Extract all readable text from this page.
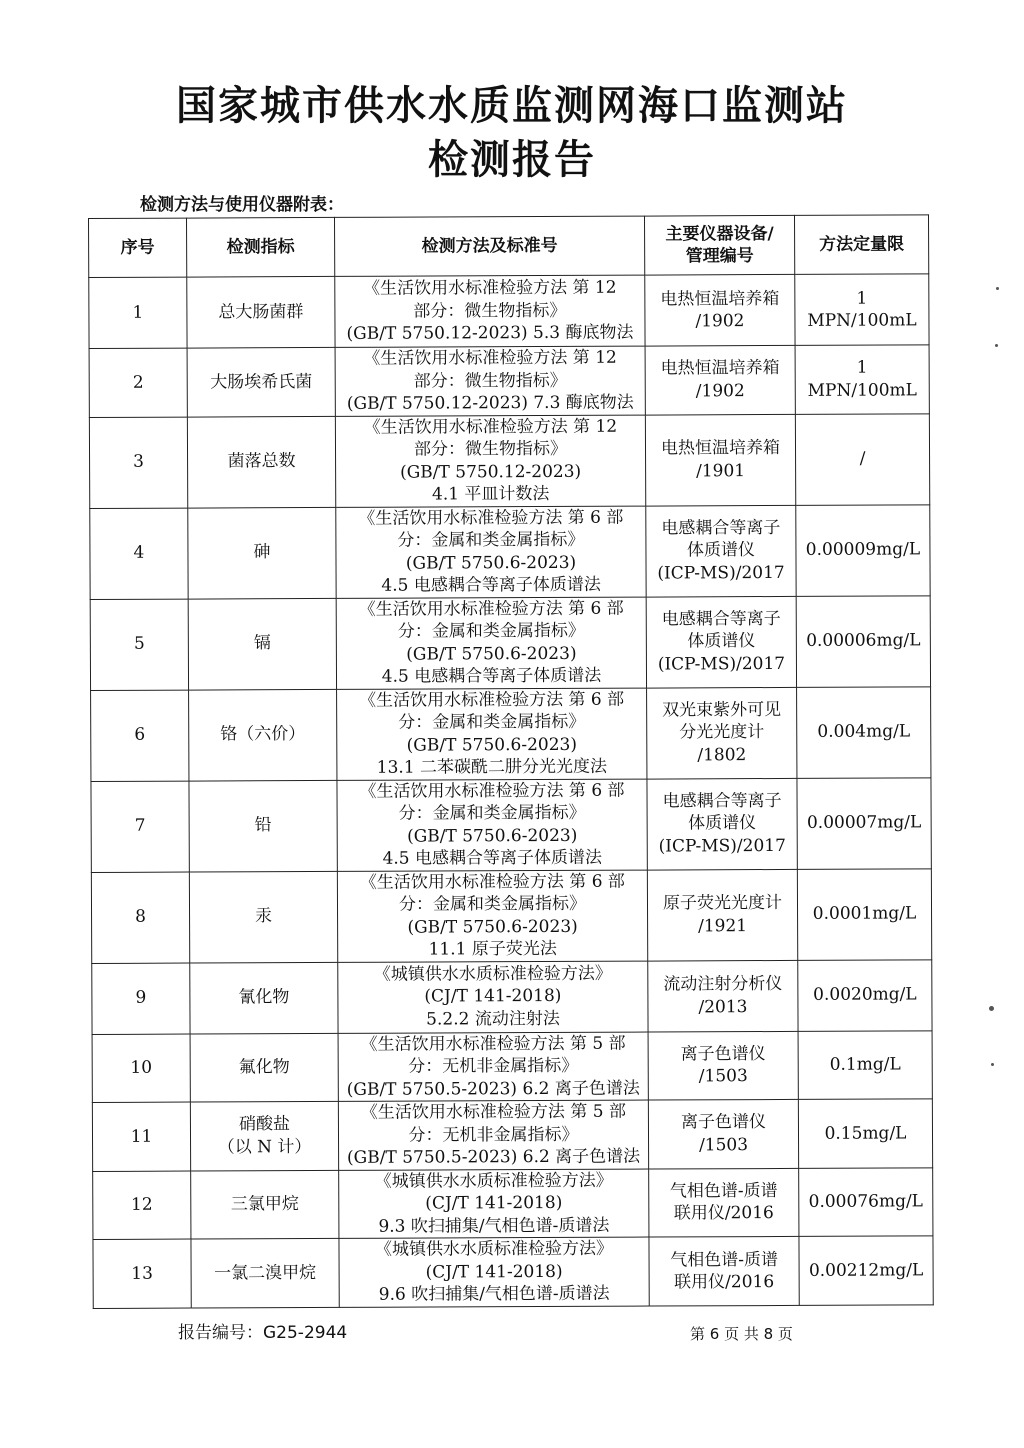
国家城市供水水质监测网海口监测站
检测报告
检测方法与使用仪器附表：
序号	检测指标	检测方法及标准号	主要仪器设备/
管理编号	方法定量限
1	总大肠菌群	《生活饮用水标准检验方法 第 12
部分：微生物指标》
(GB/T 5750.12-2023) 5.3 酶底物法	电热恒温培养箱
/1902	1 MPN/100mL
2	大肠埃希氏菌	《生活饮用水标准检验方法 第 12
部分：微生物指标》
(GB/T 5750.12-2023) 7.3 酶底物法	电热恒温培养箱
/1902	1 MPN/100mL
3	菌落总数	《生活饮用水标准检验方法 第 12
部分：微生物指标》
(GB/T 5750.12-2023)
4.1 平皿计数法	电热恒温培养箱
/1901	/
4	砷	《生活饮用水标准检验方法 第 6 部
分：金属和类金属指标》
(GB/T 5750.6-2023)
4.5 电感耦合等离子体质谱法	电感耦合等离子
体质谱仪
(ICP-MS)/2017	0.00009mg/L
5	镉	《生活饮用水标准检验方法 第 6 部
分：金属和类金属指标》
(GB/T 5750.6-2023)
4.5 电感耦合等离子体质谱法	电感耦合等离子
体质谱仪
(ICP-MS)/2017	0.00006mg/L
6	铬（六价）	《生活饮用水标准检验方法 第 6 部
分：金属和类金属指标》
(GB/T 5750.6-2023)
13.1 二苯碳酰二肼分光光度法	双光束紫外可见
分光光度计
/1802	0.004mg/L
7	铅	《生活饮用水标准检验方法 第 6 部
分：金属和类金属指标》
(GB/T 5750.6-2023)
4.5 电感耦合等离子体质谱法	电感耦合等离子
体质谱仪
(ICP-MS)/2017	0.00007mg/L
8	汞	《生活饮用水标准检验方法 第 6 部
分：金属和类金属指标》
(GB/T 5750.6-2023)
11.1 原子荧光法	原子荧光光度计
/1921	0.0001mg/L
9	氰化物	《城镇供水水质标准检验方法》
(CJ/T 141-2018)
5.2.2 流动注射法	流动注射分析仪
/2013	0.0020mg/L
10	氟化物	《生活饮用水标准检验方法 第 5 部
分：无机非金属指标》
(GB/T 5750.5-2023) 6.2 离子色谱法	离子色谱仪
/1503	0.1mg/L
11	硝酸盐
（以 N 计）	《生活饮用水标准检验方法 第 5 部
分：无机非金属指标》
(GB/T 5750.5-2023) 6.2 离子色谱法	离子色谱仪
/1503	0.15mg/L
12	三氯甲烷	《城镇供水水质标准检验方法》
(CJ/T 141-2018)
9.3 吹扫捕集/气相色谱-质谱法	气相色谱-质谱
联用仪/2016	0.00076mg/L
13	一氯二溴甲烷	《城镇供水水质标准检验方法》
(CJ/T 141-2018)
9.6 吹扫捕集/气相色谱-质谱法	气相色谱-质谱
联用仪/2016	0.00212mg/L
报告编号：G25-2944	第 6 页 共 8 页
